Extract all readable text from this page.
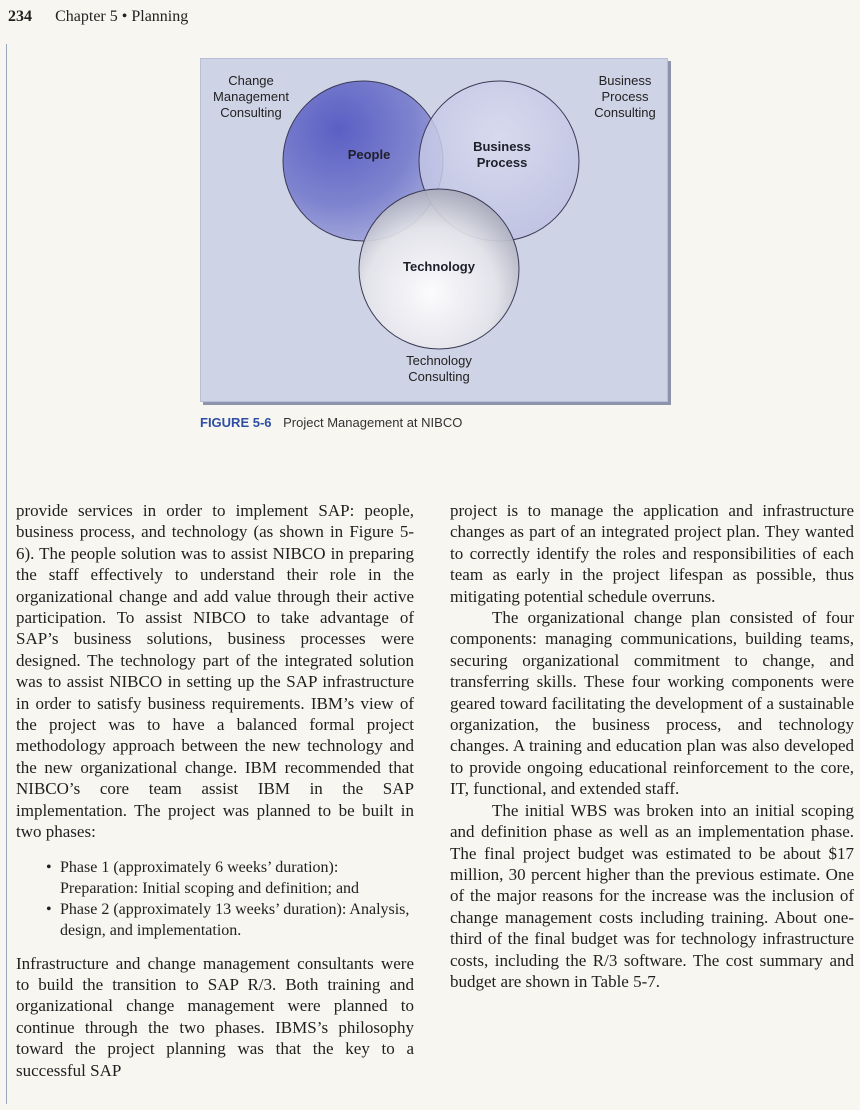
234 Chapter 5 • Planning
Change
Management
Consulting
Business
Process
Consulting
Technology
Consulting
People
Business
Process
Technology
FIGURE 5-6 Project Management at NIBCO

provide services in order to implement SAP: people, business process, and technology (as shown in Figure 5-6). The people solution was to assist NIBCO in preparing the staff effectively to understand their role in the organizational change and add value through their active participation. To assist NIBCO to take advantage of SAP’s business solutions, business processes were designed. The technology part of the integrated solution was to assist NIBCO in setting up the SAP infrastructure in order to satisfy business requirements. IBM’s view of the project was to have a balanced formal project methodology approach between the new technology and the new organizational change. IBM recommended that NIBCO’s core team assist IBM in the SAP implementation. The project was planned to be built in two phases:

• Phase 1 (approximately 6 weeks’ duration): Preparation: Initial scoping and definition; and
• Phase 2 (approximately 13 weeks’ duration): Analysis, design, and implementation.

Infrastructure and change management consultants were to build the transition to SAP R/3. Both training and organizational change management were planned to continue through the two phases. IBMS’s philosophy toward the project planning was that the key to a successful SAP

project is to manage the application and infrastructure changes as part of an integrated project plan. They wanted to correctly identify the roles and responsibilities of each team as early in the project lifespan as possible, thus mitigating potential schedule overruns.

The organizational change plan consisted of four components: managing communications, building teams, securing organizational commitment to change, and transferring skills. These four working components were geared toward facilitating the development of a sustainable organization, the business process, and technology changes. A training and education plan was also developed to provide ongoing educational reinforcement to the core, IT, functional, and extended staff.

The initial WBS was broken into an initial scoping and definition phase as well as an implementation phase. The final project budget was estimated to be about $17 million, 30 percent higher than the previous estimate. One of the major reasons for the increase was the inclusion of change management costs including training. About one-third of the final budget was for technology infrastructure costs, including the R/3 software. The cost summary and budget are shown in Table 5-7.
